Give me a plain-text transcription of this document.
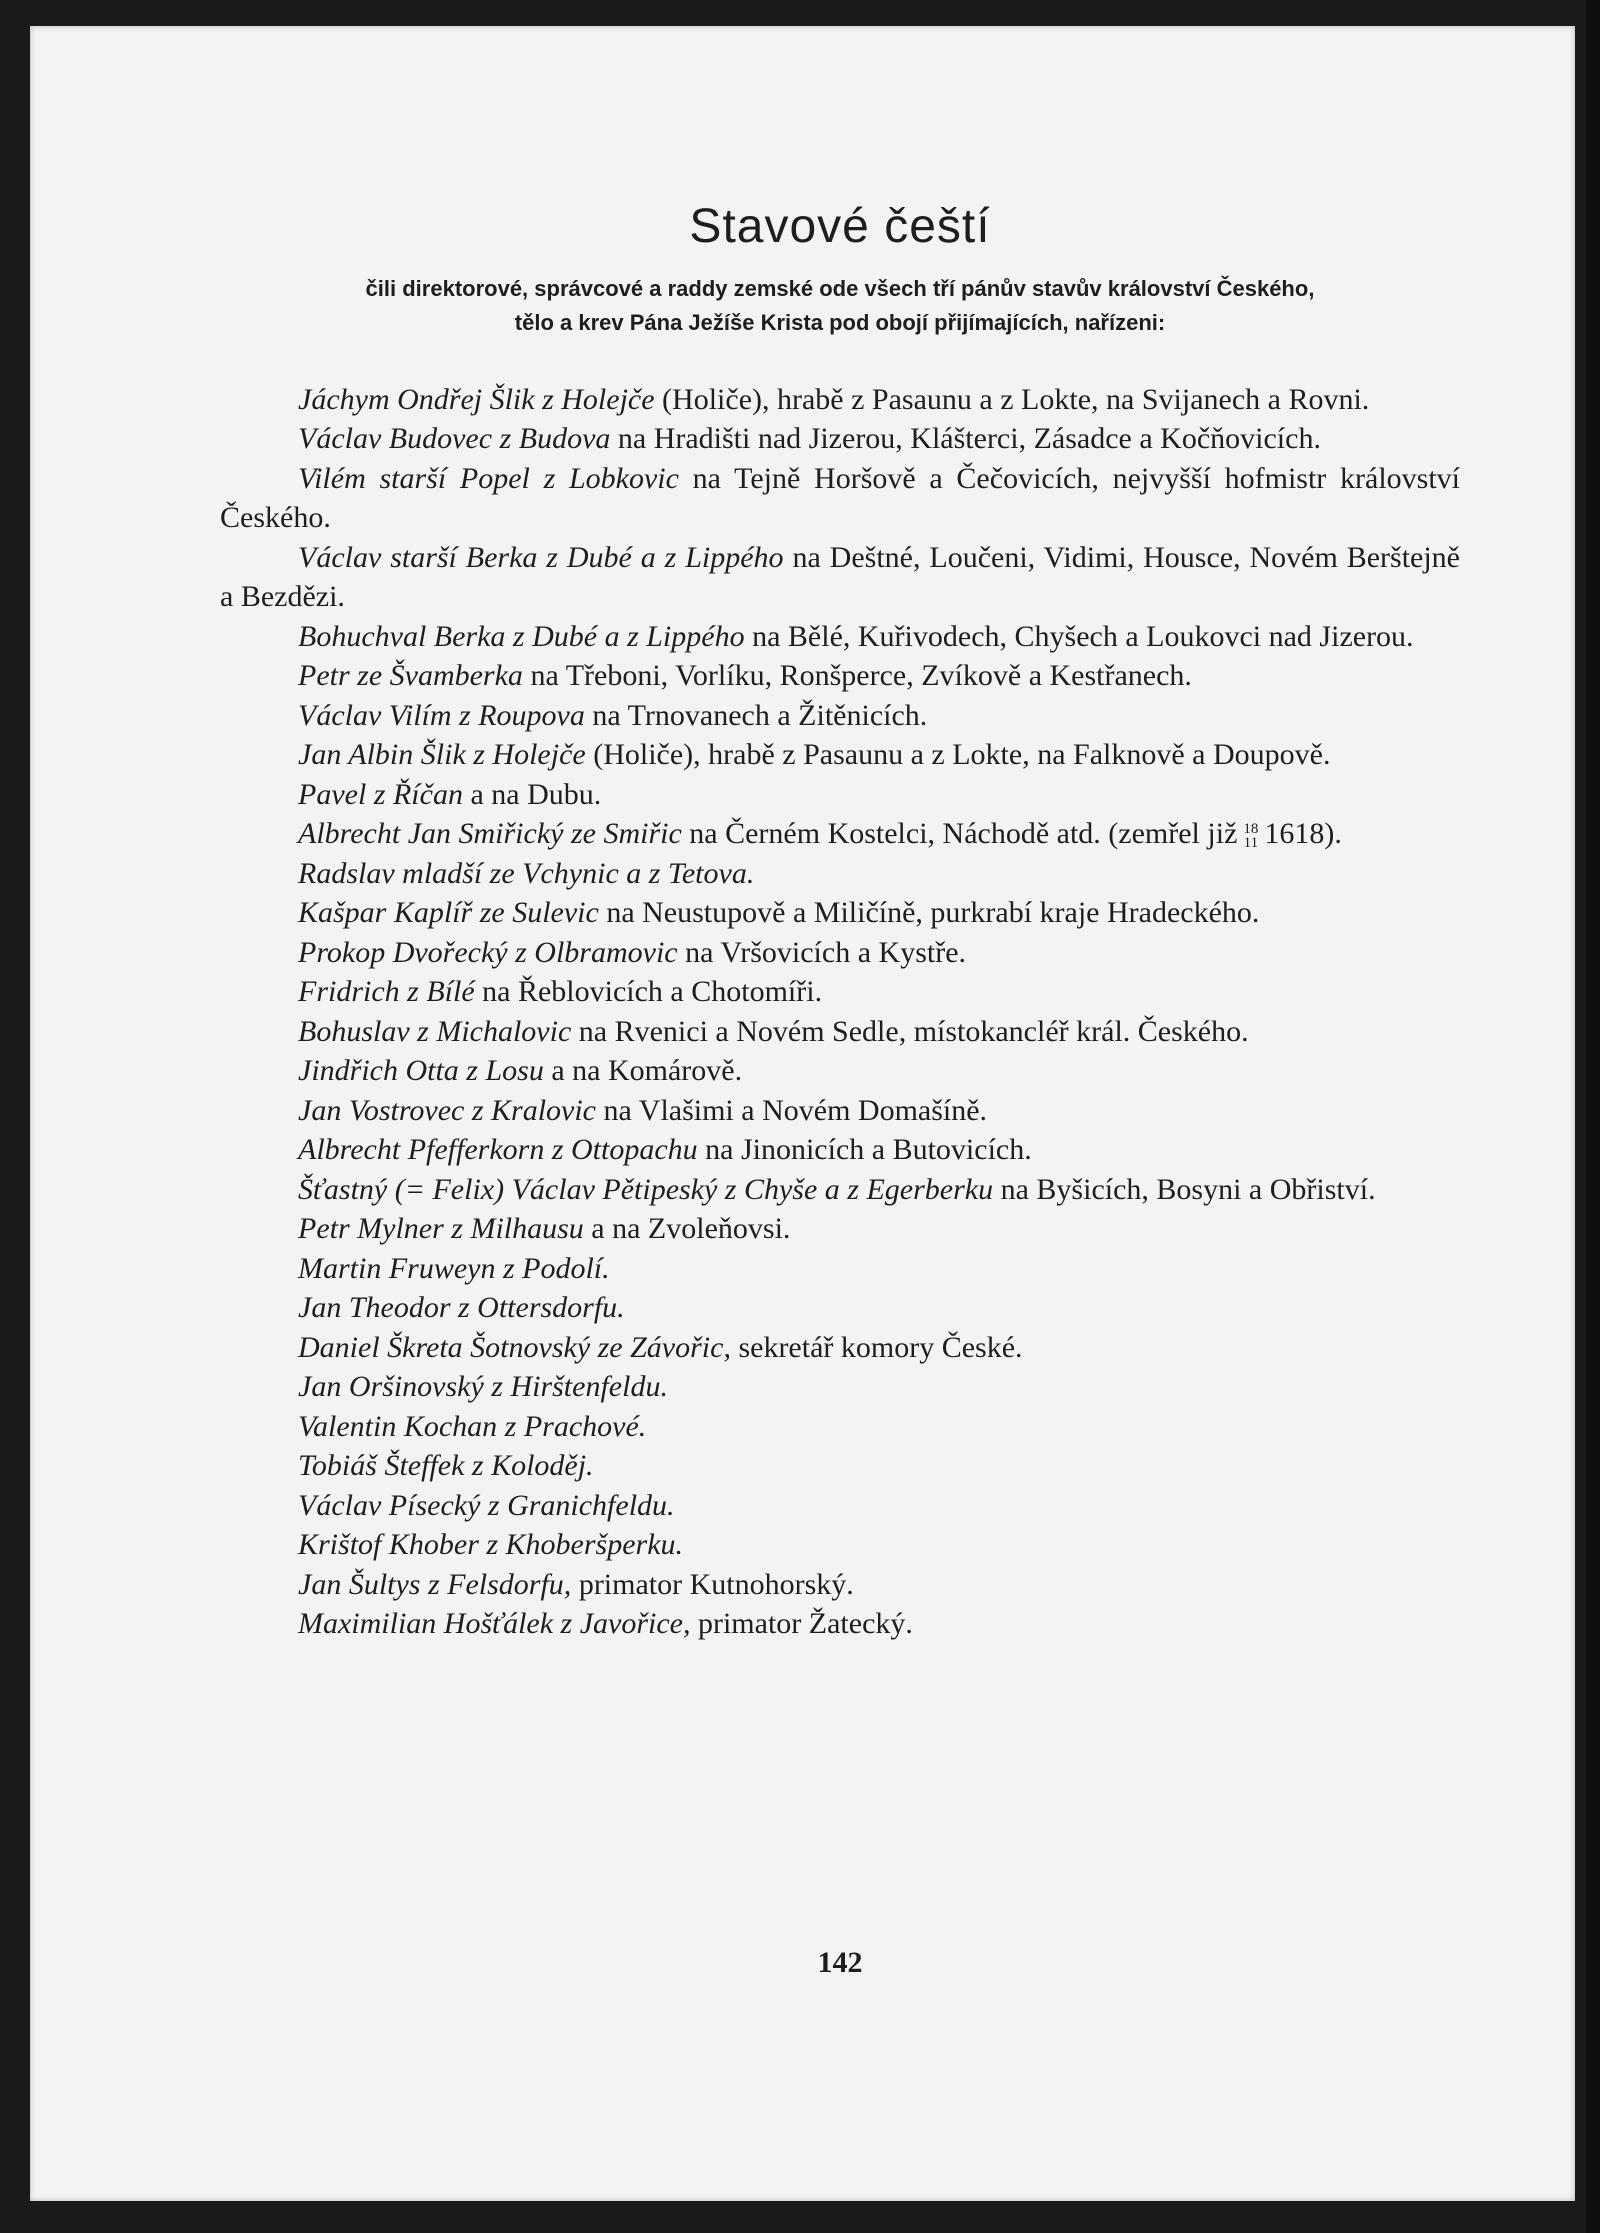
Stavové čeští
čili direktorové, správcové a raddy zemské ode všech tří pánův stavův království Českého,
tělo a krev Pána Ježíše Krista pod obojí přijímajících, nařízeni:

Jáchym Ondřej Šlik z Holejče (Holiče), hrabě z Pasaunu a z Lokte, na Svijanech a Rovni.

Václav Budovec z Budova na Hradišti nad Jizerou, Klášterci, Zásadce a Kočňovicích.

Vilém starší Popel z Lobkovic na Tejně Horšově a Čečovicích, nejvyšší hofmistr království Českého.

Václav starší Berka z Dubé a z Lippého na Deštné, Loučeni, Vidimi, Housce, Novém Berštejně a Bezdězi.

Bohuchval Berka z Dubé a z Lippého na Bělé, Kuřivodech, Chyšech a Loukovci nad Jizerou.

Petr ze Švamberka na Třeboni, Vorlíku, Ronšperce, Zvíkově a Kestřanech.

Václav Vilím z Roupova na Trnovanech a Žitěnicích.

Jan Albin Šlik z Holejče (Holiče), hrabě z Pasaunu a z Lokte, na Falknově a Doupově.

Pavel z Říčan a na Dubu.

Albrecht Jan Smiřický ze Smiřic na Černém Kostelci, Náchodě atd. (zemřel již 18
11 1618).

Radslav mladší ze Vchynic a z Tetova.

Kašpar Kaplíř ze Sulevic na Neustupově a Miličíně, purkrabí kraje Hradeckého.

Prokop Dvořecký z Olbramovic na Vršovicích a Kystře.

Fridrich z Bílé na Řeblovicích a Chotomíři.

Bohuslav z Michalovic na Rvenici a Novém Sedle, místokancléř král. Českého.

Jindřich Otta z Losu a na Komárově.

Jan Vostrovec z Kralovic na Vlašimi a Novém Domašíně.

Albrecht Pfefferkorn z Ottopachu na Jinonicích a Butovicích.

Šťastný (= Felix) Václav Pětipeský z Chyše a z Egerberku na Byšicích, Bosyni a Obřiství.

Petr Mylner z Milhausu a na Zvoleňovsi.

Martin Fruweyn z Podolí.

Jan Theodor z Ottersdorfu.

Daniel Škreta Šotnovský ze Závořic, sekretář komory České.

Jan Oršinovský z Hirštenfeldu.

Valentin Kochan z Prachové.

Tobiáš Šteffek z Koloděj.

Václav Písecký z Granichfeldu.

Krištof Khober z Khoberšperku.

Jan Šultys z Felsdorfu, primator Kutnohorský.

Maximilian Hošťálek z Javořice, primator Žatecký.

142
